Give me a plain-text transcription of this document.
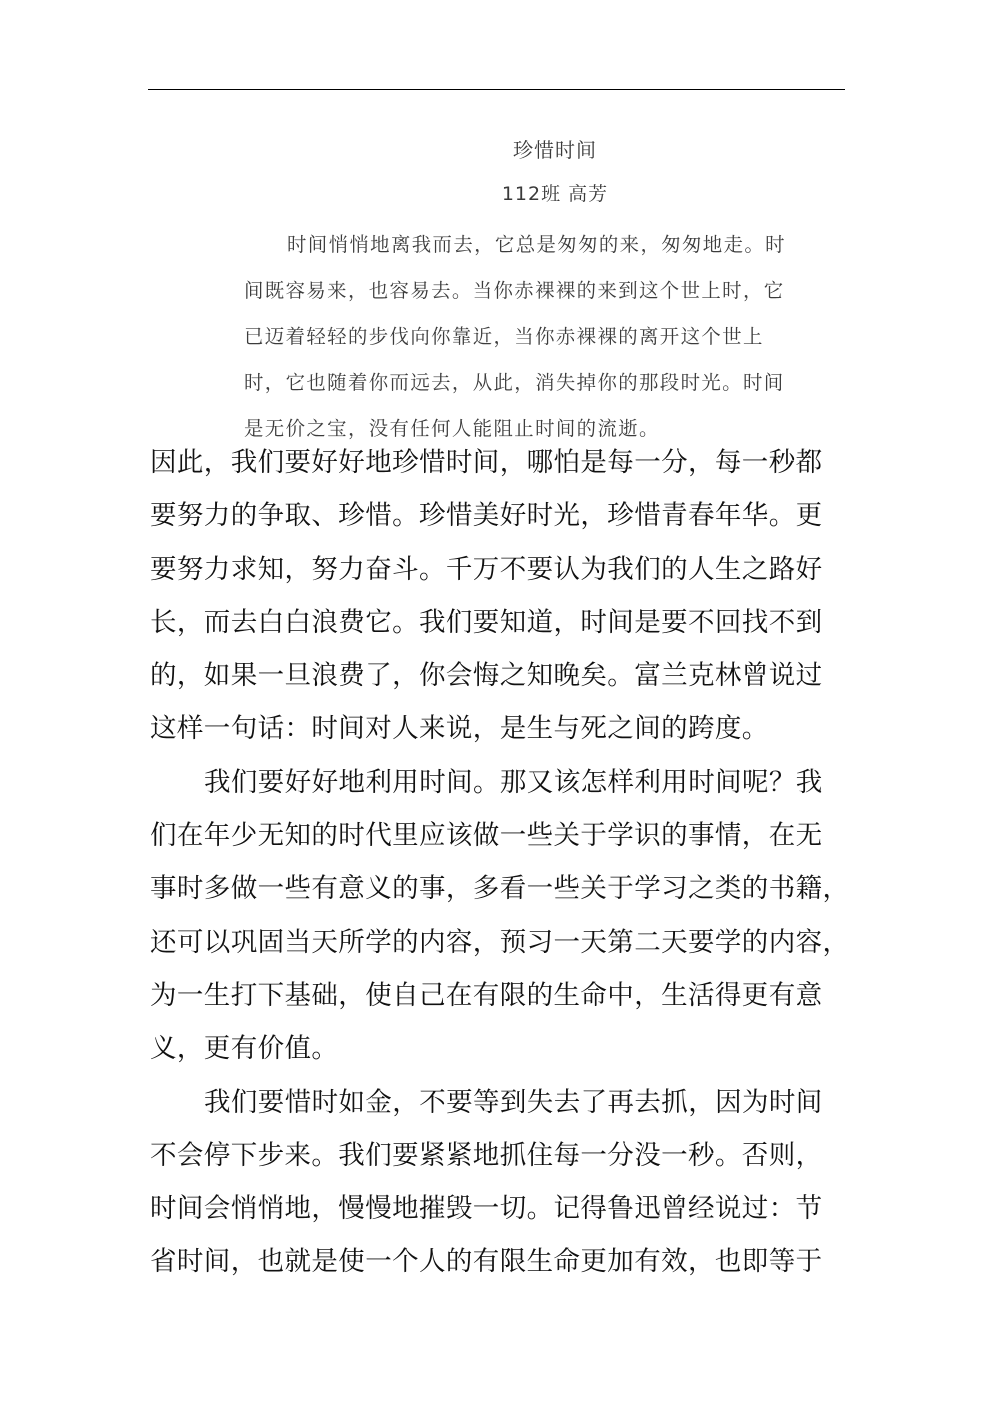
珍惜时间
112班 高芳
时间悄悄地离我而去，它总是匆匆的来，匆匆地走。时
间既容易来，也容易去。当你赤裸裸的来到这个世上时，它
已迈着轻轻的步伐向你靠近，当你赤裸裸的离开这个世上
时，它也随着你而远去，从此，消失掉你的那段时光。时间
是无价之宝，没有任何人能阻止时间的流逝。
因此，我们要好好地珍惜时间，哪怕是每一分，每一秒都
要努力的争取、珍惜。珍惜美好时光，珍惜青春年华。更
要努力求知，努力奋斗。千万不要认为我们的人生之路好
长，而去白白浪费它。我们要知道，时间是要不回找不到
的，如果一旦浪费了，你会悔之知晚矣。富兰克林曾说过
这样一句话：时间对人来说，是生与死之间的跨度。
我们要好好地利用时间。那又该怎样利用时间呢？我
们在年少无知的时代里应该做一些关于学识的事情，在无
事时多做一些有意义的事，多看一些关于学习之类的书籍，
还可以巩固当天所学的内容，预习一天第二天要学的内容，
为一生打下基础，使自己在有限的生命中，生活得更有意
义，更有价值。
我们要惜时如金，不要等到失去了再去抓，因为时间
不会停下步来。我们要紧紧地抓住每一分没一秒。否则，
时间会悄悄地，慢慢地摧毁一切。记得鲁迅曾经说过：节
省时间，也就是使一个人的有限生命更加有效，也即等于
